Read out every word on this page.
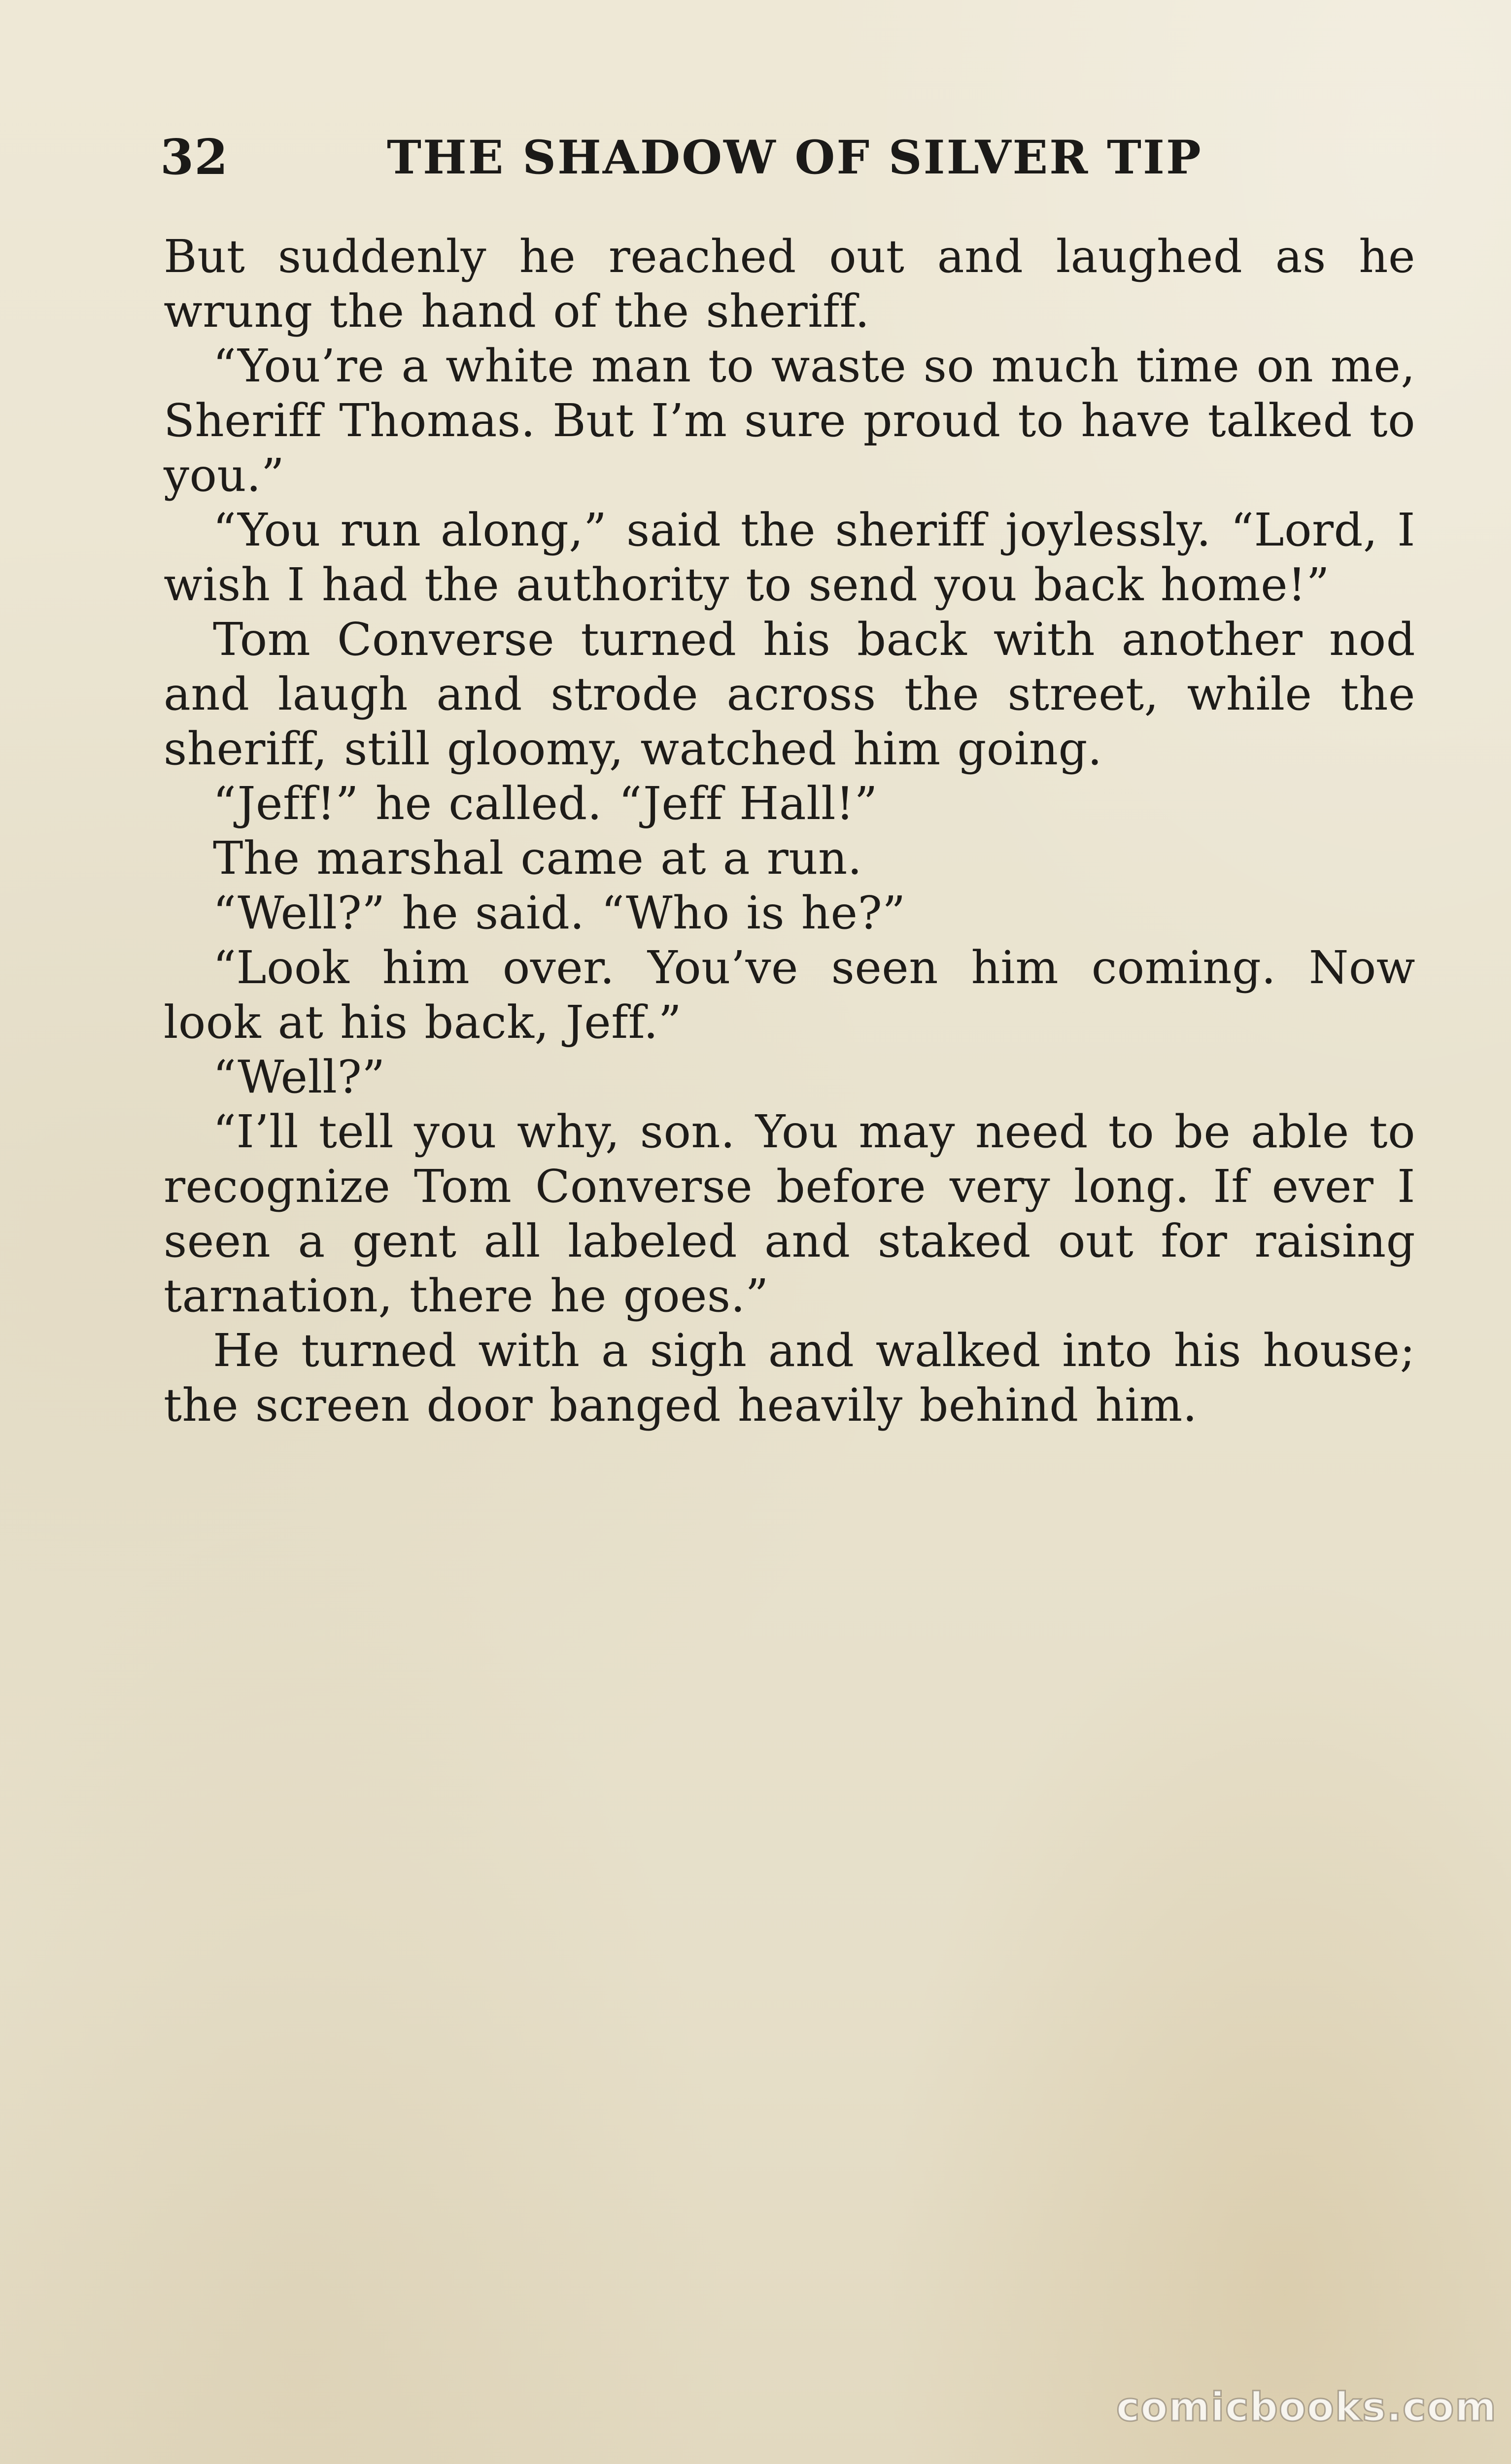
32	THE SHADOW OF SILVER TIP

But suddenly he reached out and laughed as he wrung the hand of the sheriff.

“You’re a white man to waste so much time on me, Sheriff Thomas. But I’m sure proud to have talked to you.”

“You run along,” said the sheriff joylessly. “Lord, I wish I had the authority to send you back home!”

Tom Converse turned his back with another nod and laugh and strode across the street, while the sheriff, still gloomy, watched him going.

“Jeff!” he called. “Jeff Hall!”

The marshal came at a run.

“Well?” he said. “Who is he?”

“Look him over. You’ve seen him coming. Now look at his back, Jeff.”

“Well?”

“I’ll tell you why, son. You may need to be able to recognize Tom Converse before very long. If ever I seen a gent all labeled and staked out for raising tarnation, there he goes.”

He turned with a sigh and walked into his house; the screen door banged heavily behind him.

comicbooks.com
